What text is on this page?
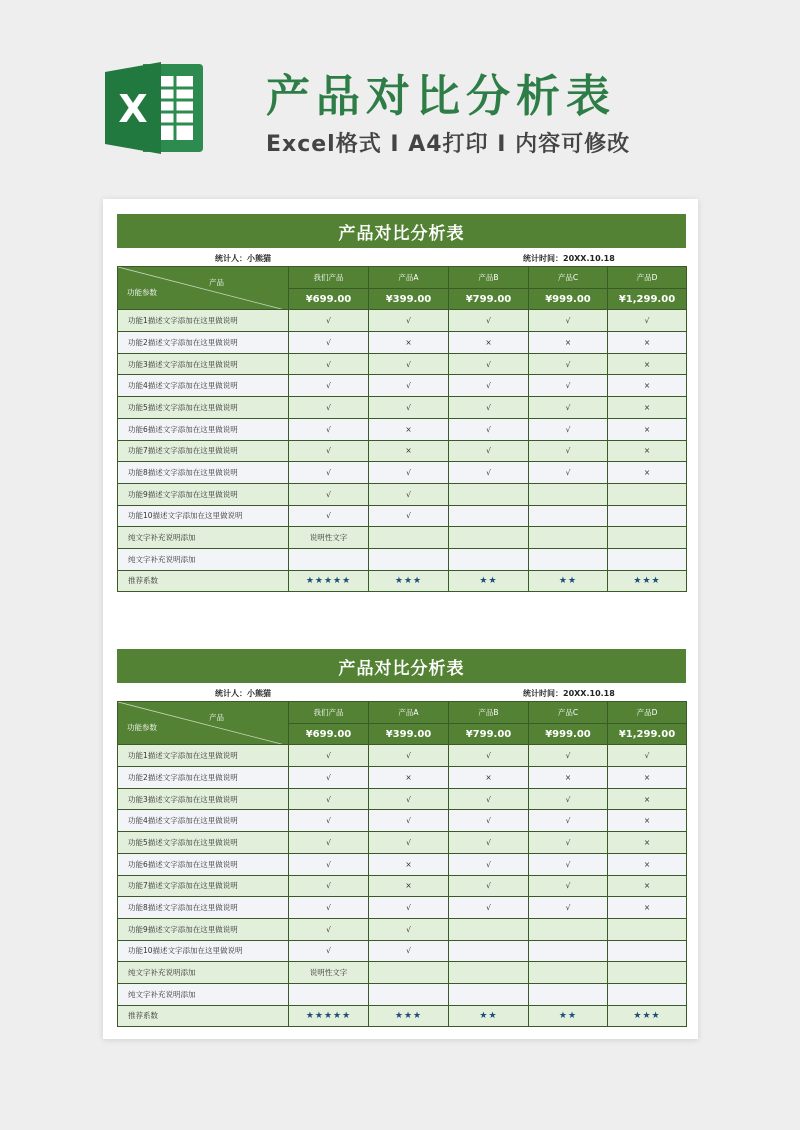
X	产品对比分析表
Excel格式 I A4打印 I 内容可修改
产品对比分析表
统计人：小熊猫	统计时间：20XX.10.18
产品
功能参数	我们产品	产品A	产品B	产品C	产品D
	¥699.00	¥399.00	¥799.00	¥999.00	¥1,299.00
功能1描述文字添加在这里做说明	√	√	√	√	√
功能2描述文字添加在这里做说明	√	×	×	×	×
功能3描述文字添加在这里做说明	√	√	√	√	×
功能4描述文字添加在这里做说明	√	√	√	√	×
功能5描述文字添加在这里做说明	√	√	√	√	×
功能6描述文字添加在这里做说明	√	×	√	√	×
功能7描述文字添加在这里做说明	√	×	√	√	×
功能8描述文字添加在这里做说明	√	√	√	√	×
功能9描述文字添加在这里做说明	√	√			
功能10描述文字添加在这里做说明	√	√			
纯文字补充说明添加	说明性文字				
纯文字补充说明添加					
推荐系数	★★★★★	★★★	★★	★★	★★★
产品对比分析表
统计人：小熊猫	统计时间：20XX.10.18
产品
功能参数	我们产品	产品A	产品B	产品C	产品D
	¥699.00	¥399.00	¥799.00	¥999.00	¥1,299.00
功能1描述文字添加在这里做说明	√	√	√	√	√
功能2描述文字添加在这里做说明	√	×	×	×	×
功能3描述文字添加在这里做说明	√	√	√	√	×
功能4描述文字添加在这里做说明	√	√	√	√	×
功能5描述文字添加在这里做说明	√	√	√	√	×
功能6描述文字添加在这里做说明	√	×	√	√	×
功能7描述文字添加在这里做说明	√	×	√	√	×
功能8描述文字添加在这里做说明	√	√	√	√	×
功能9描述文字添加在这里做说明	√	√			
功能10描述文字添加在这里做说明	√	√			
纯文字补充说明添加	说明性文字				
纯文字补充说明添加					
推荐系数	★★★★★	★★★	★★	★★	★★★
